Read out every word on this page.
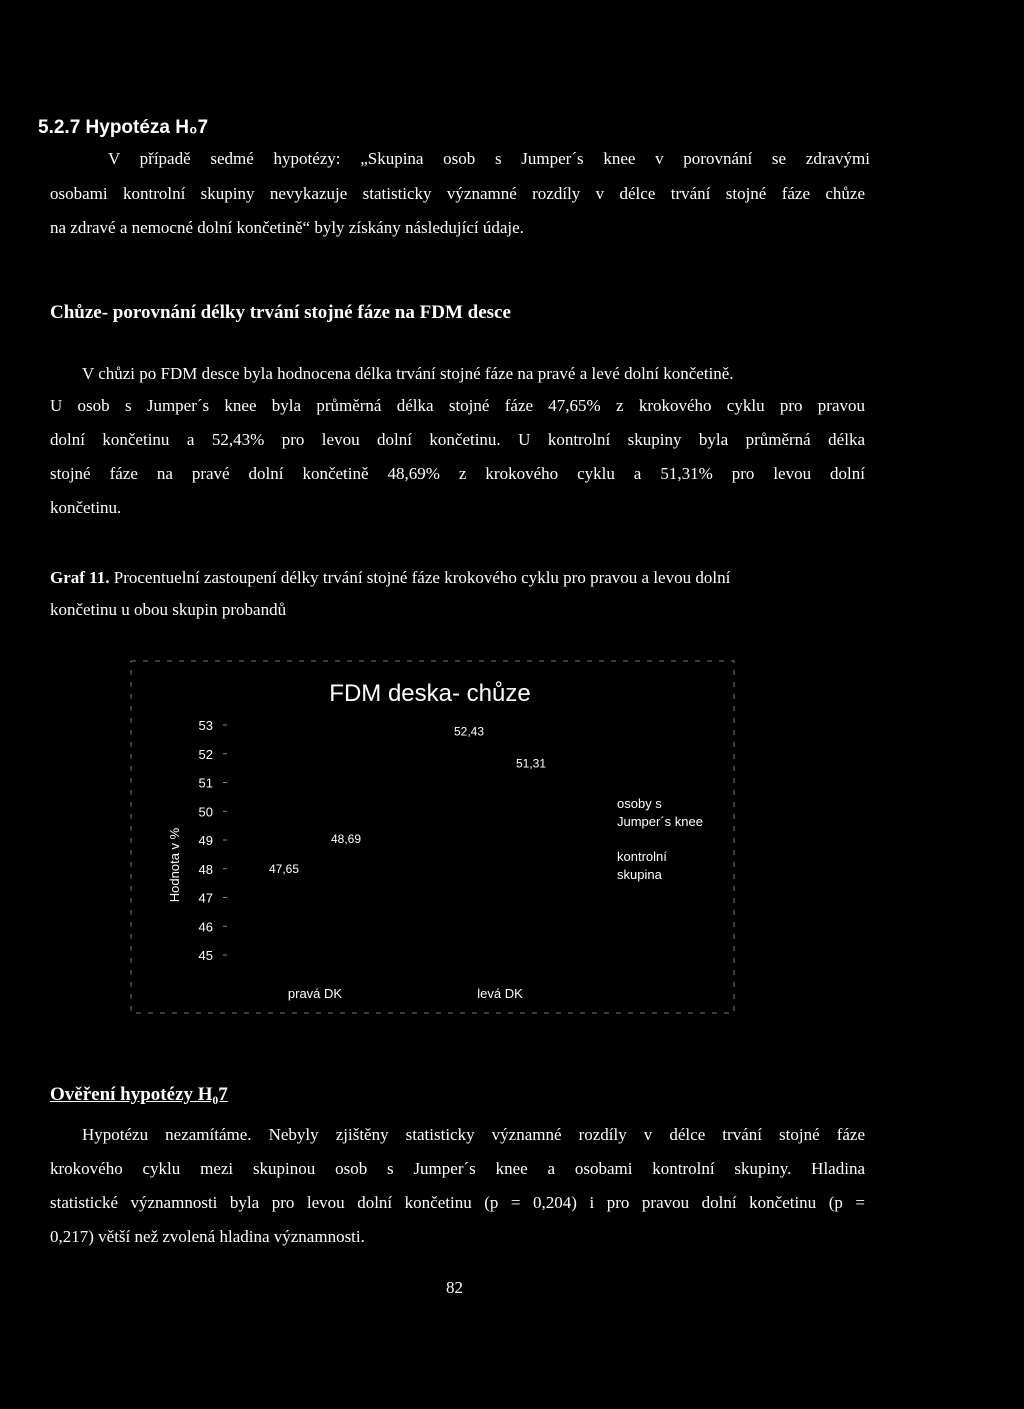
5.2.7 Hypotéza H₀7
V případě sedmé hypotézy: „Skupina osob s Jumper´s knee v porovnání se zdravými
osobami kontrolní skupiny nevykazuje statisticky významné rozdíly v délce trvání stojné fáze chůze
na zdravé a nemocné dolní končetině“ byly získány následující údaje.
Chůze- porovnání délky trvání stojné fáze na FDM desce
V chůzi po FDM desce byla hodnocena délka trvání stojné fáze na pravé a levé dolní končetině.
U osob s Jumper´s knee byla průměrná délka stojné fáze 47,65% z krokového cyklu pro pravou
dolní končetinu a 52,43% pro levou dolní končetinu. U kontrolní skupiny byla průměrná délka
stojné fáze na pravé dolní končetině 48,69% z krokového cyklu a 51,31% pro levou dolní
končetinu.
Graf 11. Procentuelní zastoupení délky trvání stojné fáze krokového cyklu pro pravou a levou dolní
končetinu u obou skupin probandů
FDM deska- chůze
Hodnota v %
53
52
51
50
49
48
47
46
45
47,65
52,43
48,69
51,31
pravá DK	levá DK
osoby s Jumper´s knee
kontrolní skupina
Ověření hypotézy H₀7
Hypotézu nezamítáme. Nebyly zjištěny statisticky významné rozdíly v délce trvání stojné fáze
krokového cyklu mezi skupinou osob s Jumper´s knee a osobami kontrolní skupiny. Hladina
statistické významnosti byla pro levou dolní končetinu (p = 0,204) i pro pravou dolní končetinu (p =
0,217) větší než zvolená hladina významnosti.
82
